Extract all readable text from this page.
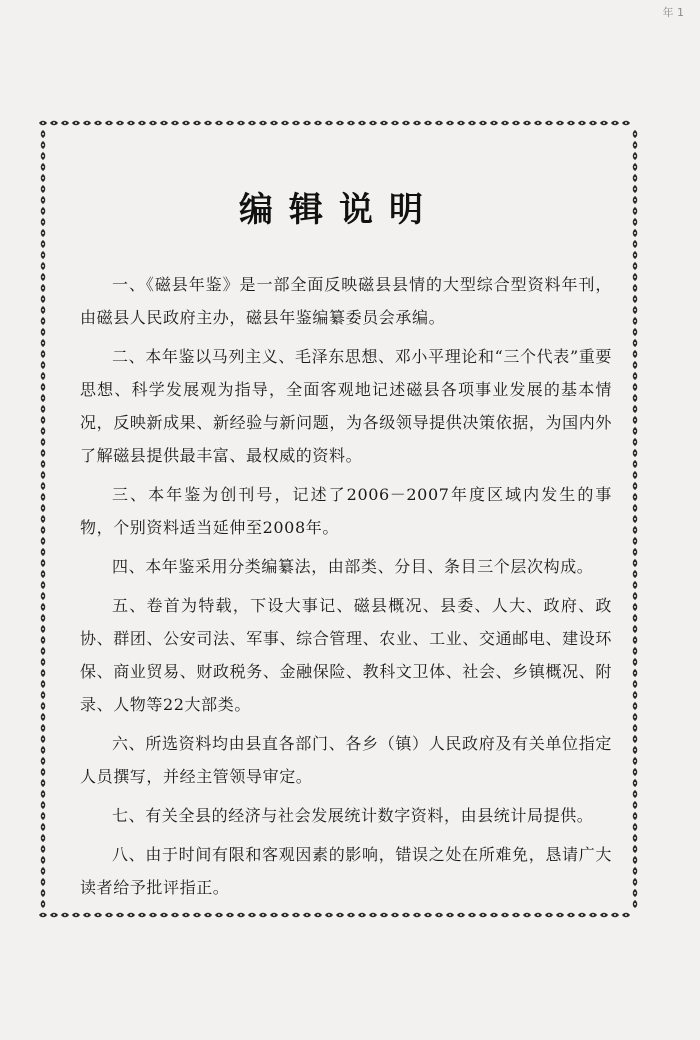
年 1
编辑说明

一、《磁县年鉴》是一部全面反映磁县县情的大型综合型资料年刊，由磁县人民政府主办，磁县年鉴编纂委员会承编。

二、本年鉴以马列主义、毛泽东思想、邓小平理论和“三个代表”重要思想、科学发展观为指导，全面客观地记述磁县各项事业发展的基本情况，反映新成果、新经验与新问题，为各级领导提供决策依据，为国内外了解磁县提供最丰富、最权威的资料。

三、本年鉴为创刊号，记述了2006－2007年度区域内发生的事物，个别资料适当延伸至2008年。

四、本年鉴采用分类编纂法，由部类、分目、条目三个层次构成。

五、卷首为特载，下设大事记、磁县概况、县委、人大、政府、政协、群团、公安司法、军事、综合管理、农业、工业、交通邮电、建设环保、商业贸易、财政税务、金融保险、教科文卫体、社会、乡镇概况、附录、人物等22大部类。

六、所选资料均由县直各部门、各乡（镇）人民政府及有关单位指定人员撰写，并经主管领导审定。

七、有关全县的经济与社会发展统计数字资料，由县统计局提供。

八、由于时间有限和客观因素的影响，错误之处在所难免，恳请广大读者给予批评指正。
